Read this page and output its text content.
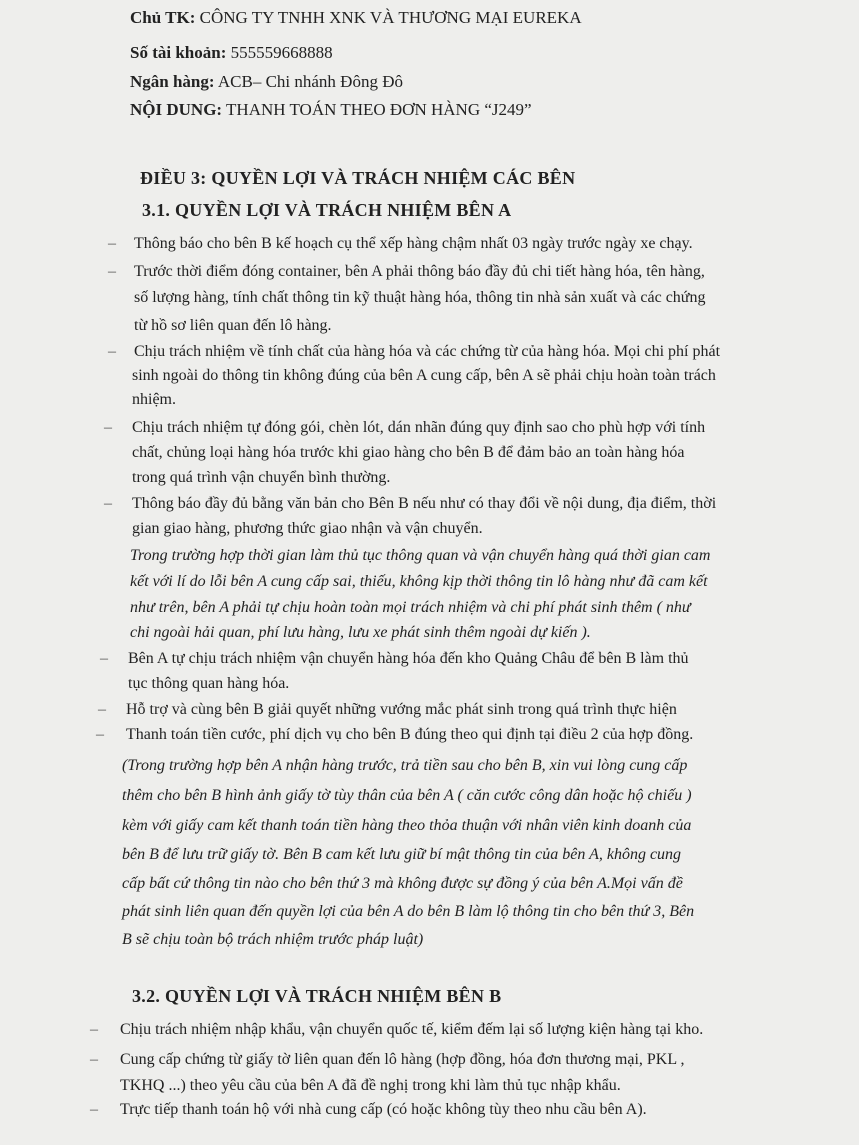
Chủ TK: CÔNG TY TNHH XNK VÀ THƯƠNG MẠI EUREKA
Số tài khoản: 555559668888
Ngân hàng: ACB– Chi nhánh Đông Đô
NỘI DUNG: THANH TOÁN THEO ĐƠN HÀNG “J249”
ĐIỀU 3: QUYỀN LỢI VÀ TRÁCH NHIỆM CÁC BÊN
3.1. QUYỀN LỢI VÀ TRÁCH NHIỆM BÊN A
–
–
–
–
–
–
–
–
Thông báo cho bên B kế hoạch cụ thể xếp hàng chậm nhất 03 ngày trước ngày xe chạy.
Trước thời điểm đóng container, bên A phải thông báo đầy đủ chi tiết hàng hóa, tên hàng,
số lượng hàng, tính chất thông tin kỹ thuật hàng hóa, thông tin nhà sản xuất và các chứng
từ hồ sơ liên quan đến lô hàng.
Chịu trách nhiệm về tính chất của hàng hóa và các chứng từ của hàng hóa. Mọi chi phí phát
sinh ngoài do thông tin không đúng của bên A cung cấp, bên A sẽ phải chịu hoàn toàn trách
nhiệm.
Chịu trách nhiệm tự đóng gói, chèn lót, dán nhãn đúng quy định sao cho phù hợp với tính
chất, chủng loại hàng hóa trước khi giao hàng cho bên B để đảm bảo an toàn hàng hóa
trong quá trình vận chuyển bình thường.
Thông báo đầy đủ bằng văn bản cho Bên B nếu như có thay đổi về nội dung, địa điểm, thời
gian giao hàng, phương thức giao nhận và vận chuyển.
Trong trường hợp thời gian làm thủ tục thông quan và vận chuyển hàng quá thời gian cam
kết với lí do lỗi bên A cung cấp sai, thiếu, không kịp thời thông tin lô hàng như đã cam kết
như trên, bên A phải tự chịu hoàn toàn mọi trách nhiệm và chi phí phát sinh thêm ( như
chi ngoài hải quan, phí lưu hàng, lưu xe phát sinh thêm ngoài dự kiến ).
Bên A tự chịu trách nhiệm vận chuyển hàng hóa đến kho Quảng Châu để bên B làm thủ
tục thông quan hàng hóa.
Hỗ trợ và cùng bên B giải quyết những vướng mắc phát sinh trong quá trình thực hiện
Thanh toán tiền cước, phí dịch vụ cho bên B đúng theo qui định tại điều 2 của hợp đồng.
(Trong trường hợp bên A nhận hàng trước, trả tiền sau cho bên B, xin vui lòng cung cấp
thêm cho bên B hình ảnh giấy tờ tùy thân của bên A ( căn cước công dân hoặc hộ chiếu )
kèm với giấy cam kết thanh toán tiền hàng theo thỏa thuận với nhân viên kinh doanh của
bên B để lưu trữ giấy tờ. Bên B cam kết lưu giữ bí mật thông tin của bên A, không cung
cấp bất cứ thông tin nào cho bên thứ 3 mà không được sự đồng ý của bên A.Mọi vấn đề
phát sinh liên quan đến quyền lợi của bên A do bên B làm lộ thông tin cho bên thứ 3, Bên
B sẽ chịu toàn bộ trách nhiệm trước pháp luật)
3.2. QUYỀN LỢI VÀ TRÁCH NHIỆM BÊN B
–
–
–
Chịu trách nhiệm nhập khẩu, vận chuyển quốc tế, kiểm đếm lại số lượng kiện hàng tại kho.
Cung cấp chứng từ giấy tờ liên quan đến lô hàng (hợp đồng, hóa đơn thương mại, PKL ,
TKHQ ...) theo yêu cầu của bên A đã đề nghị trong khi làm thủ tục nhập khẩu.
Trực tiếp thanh toán hộ với nhà cung cấp (có hoặc không tùy theo nhu cầu bên A).
